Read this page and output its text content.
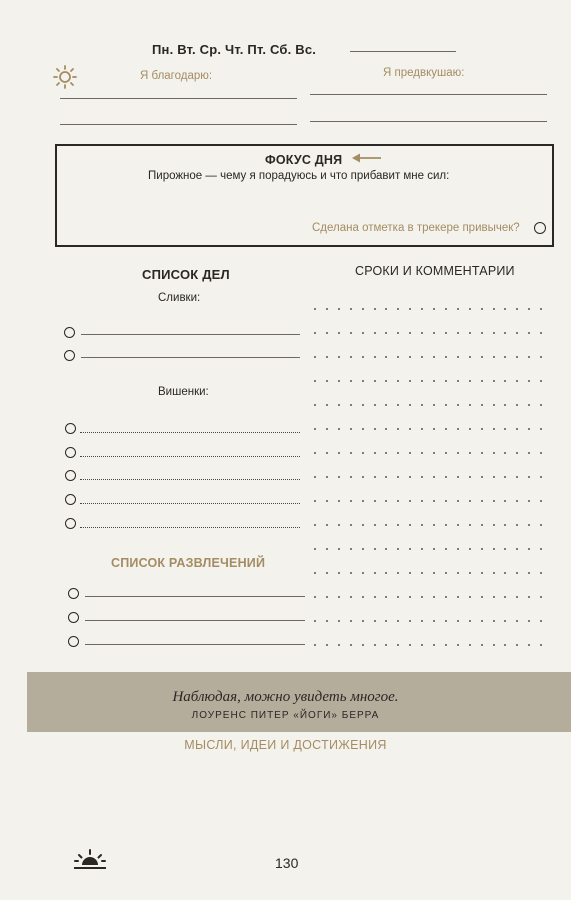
Пн. Вт. Ср. Чт. Пт. Сб. Вс.
Я благодарю:	Я предвкушаю:
ФОКУС ДНЯ
Пирожное — чему я порадуюсь и что прибавит мне сил:
Сделана отметка в трекере привычек?
СПИСОК ДЕЛ
Сливки:
Вишенки:
СПИСОК РАЗВЛЕЧЕНИЙ
СРОКИ И КОММЕНТАРИИ
Наблюдая, можно увидеть многое.
ЛОУРЕНС ПИТЕР «ЙОГИ» БЕРРА
МЫСЛИ, ИДЕИ И ДОСТИЖЕНИЯ
130
